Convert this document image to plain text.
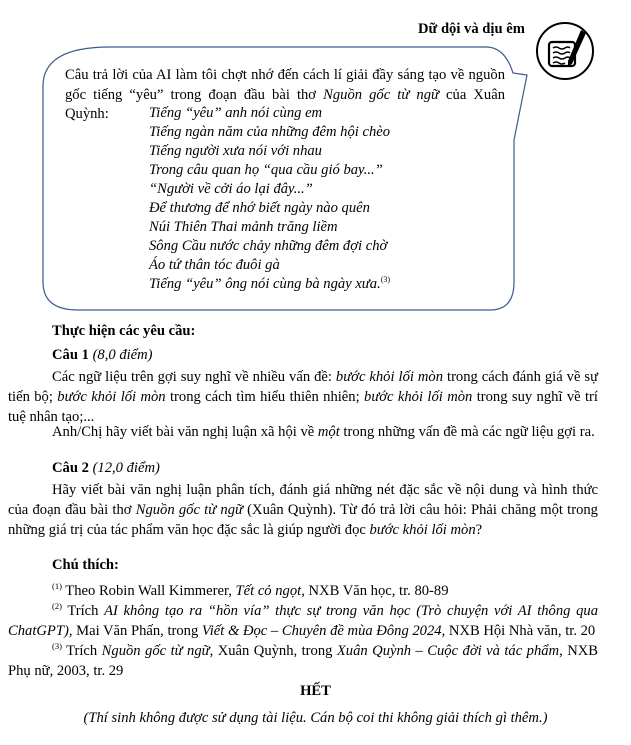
Dữ dội và dịu êm
Câu trả lời của AI làm tôi chợt nhớ đến cách lí giải đầy sáng tạo về nguồn gốc tiếng “yêu” trong đoạn đầu bài thơ Nguồn gốc từ ngữ của Xuân Quỳnh:	Tiếng “yêu” anh nói cùng em
Tiếng ngàn năm của những đêm hội chèo
Tiếng người xưa nói với nhau
Trong câu quan họ “qua cầu gió bay...”
“Người về cởi áo lại đây...”
Để thương để nhớ biết ngày nào quên
Núi Thiên Thai mảnh trăng liềm
Sông Cầu nước chảy những đêm đợi chờ
Áo tứ thân tóc đuôi gà
Tiếng “yêu” ông nói cùng bà ngày xưa.$^{(3)}$
Thực hiện các yêu cầu:
Câu 1 (8,0 điểm)
Các ngữ liệu trên gợi suy nghĩ về nhiều vấn đề: bước khỏi lối mòn trong cách đánh giá về sự tiến bộ; bước khỏi lối mòn trong cách tìm hiểu thiên nhiên; bước khỏi lối mòn trong suy nghĩ về trí tuệ nhân tạo;...
Anh/Chị hãy viết bài văn nghị luận xã hội về một trong những vấn đề mà các ngữ liệu gợi ra.
Câu 2 (12,0 điểm)
Hãy viết bài văn nghị luận phân tích, đánh giá những nét đặc sắc về nội dung và hình thức của đoạn đầu bài thơ Nguồn gốc từ ngữ (Xuân Quỳnh). Từ đó trả lời câu hỏi: Phải chăng một trong những giá trị của tác phẩm văn học đặc sắc là giúp người đọc bước khỏi lối mòn?
Chú thích:
$^{(1)}$ Theo Robin Wall Kimmerer, Tết cỏ ngọt, NXB Văn học, tr. 80-89
$^{(2)}$ Trích AI không tạo ra “hồn vía” thực sự trong văn học (Trò chuyện với AI thông qua ChatGPT), Mai Văn Phấn, trong Viết & Đọc – Chuyên đề mùa Đông 2024, NXB Hội Nhà văn, tr. 20
$^{(3)}$ Trích Nguồn gốc từ ngữ, Xuân Quỳnh, trong Xuân Quỳnh – Cuộc đời và tác phẩm, NXB Phụ nữ, 2003, tr. 29
HẾT
(Thí sinh không được sử dụng tài liệu. Cán bộ coi thi không giải thích gì thêm.)
